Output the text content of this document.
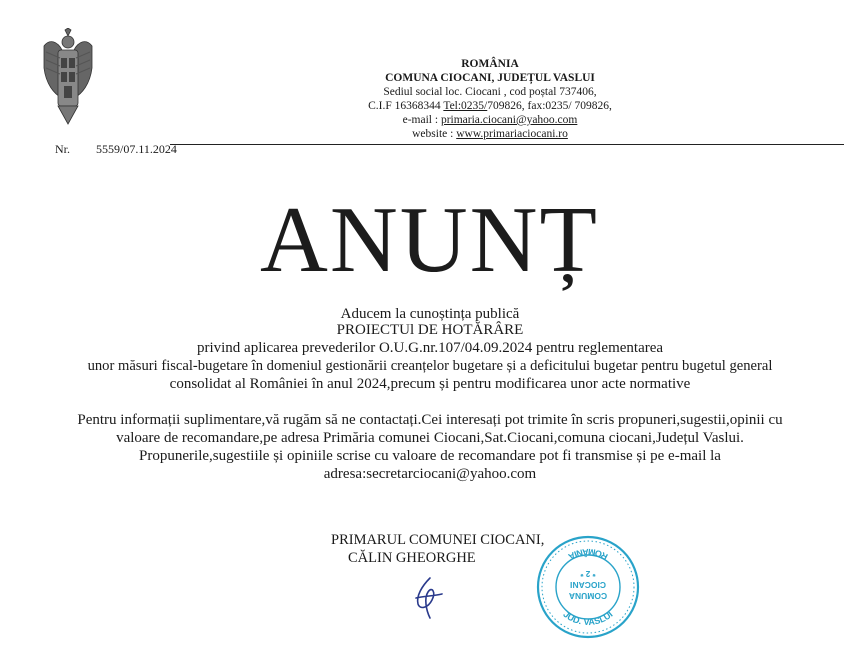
ROMÂNIA
COMUNA CIOCANI, JUDEȚUL VASLUI
Sediul social loc. Ciocani , cod poștal 737406,
C.I.F 16368344 Tel:0235/709826, fax:0235/ 709826,
e-mail : primaria.ciocani@yahoo.com
website : www.primariaciocani.ro
Nr. 5559/07.11.2024
ANUNȚ
Aducem la cunoștința publică
PROIECTUl DE HOTĂRÂRE
privind aplicarea prevederilor O.U.G.nr.107/04.09.2024 pentru reglementarea
unor măsuri fiscal-bugetare în domeniul gestionării creanțelor bugetare și a deficitului bugetar pentru bugetul general
consolidat al României în anul 2024,precum și pentru modificarea unor acte normative
Pentru informații suplimentare,vă rugăm să ne contactați.Cei interesați pot trimite în scris propuneri,sugestii,opinii cu
valoare de recomandare,pe adresa Primăria comunei Ciocani,Sat.Ciocani,comuna ciocani,Județul Vaslui.
Propunerile,sugestiile și opiniile scrise cu valoare de recomandare pot fi transmise și pe e-mail la
adresa:secretarciocani@yahoo.com
PRIMARUL COMUNEI CIOCANI,
CĂLIN GHEORGHE
JUD. VASLUI
ROMÂNIA
COMUNA
CIOCANI
* 2 *
